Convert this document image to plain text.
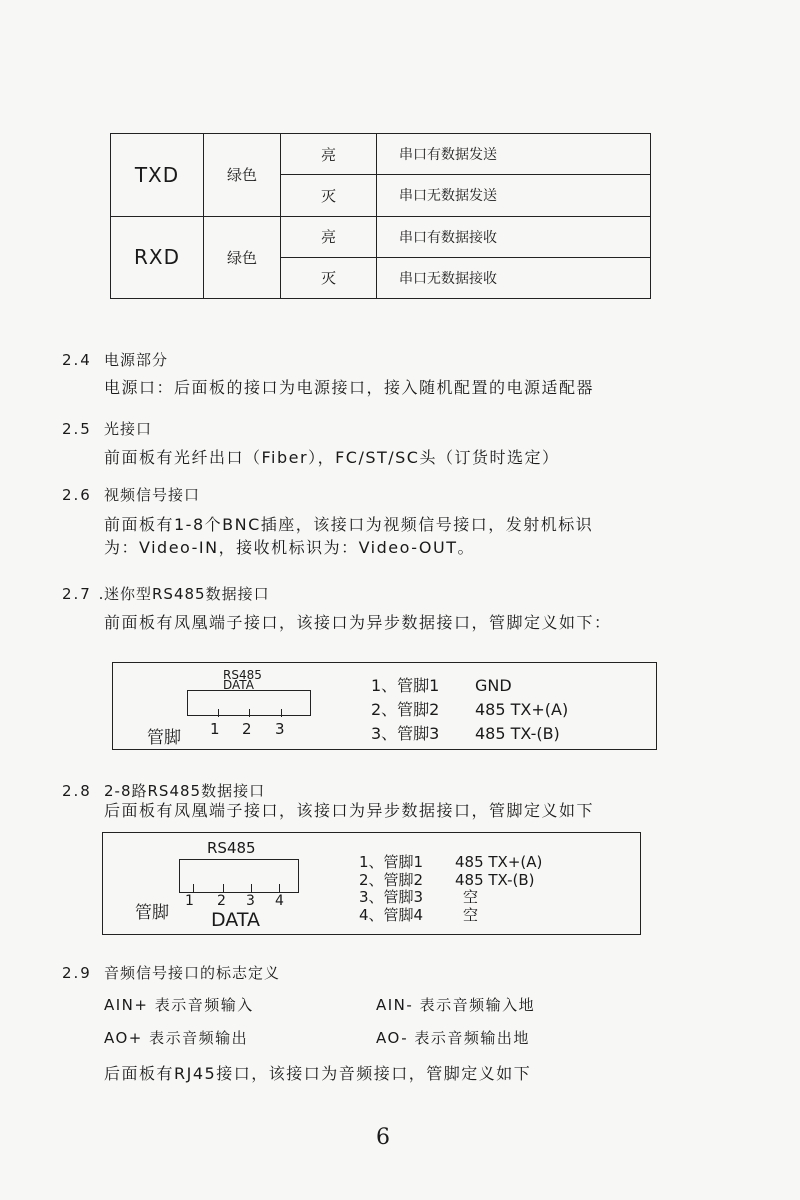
TXD	绿色	亮	串口有数据发送
		灭	串口无数据发送
RXD	绿色	亮	串口有数据接收
		灭	串口无数据接收
2.4 电源部分
电源口：后面板的接口为电源接口，接入随机配置的电源适配器
2.5 光接口
前面板有光纤出口（Fiber），FC/ST/SC头（订货时选定）
2.6 视频信号接口
前面板有1-8个BNC插座，该接口为视频信号接口，发射机标识
为：Video-IN，接收机标识为：Video-OUT。
2.7 .迷你型RS485数据接口
前面板有凤凰端子接口，该接口为异步数据接口，管脚定义如下：
RS485
DATA
管脚 1 2 3
1、管脚1 GND
2、管脚2 485 TX+(A)
3、管脚3 485 TX-(B)
2.8 2-8路RS485数据接口
后面板有凤凰端子接口，该接口为异步数据接口，管脚定义如下
RS485
管脚
1 2 3 4
DATA
1、管脚1 485 TX+(A)
2、管脚2 485 TX-(B)
3、管脚3	空
4、管脚4	空
2.9 音频信号接口的标志定义
AIN+ 表示音频输入	AIN- 表示音频输入地
AO+ 表示音频输出	AO- 表示音频输出地
后面板有RJ45接口，该接口为音频接口，管脚定义如下
6
